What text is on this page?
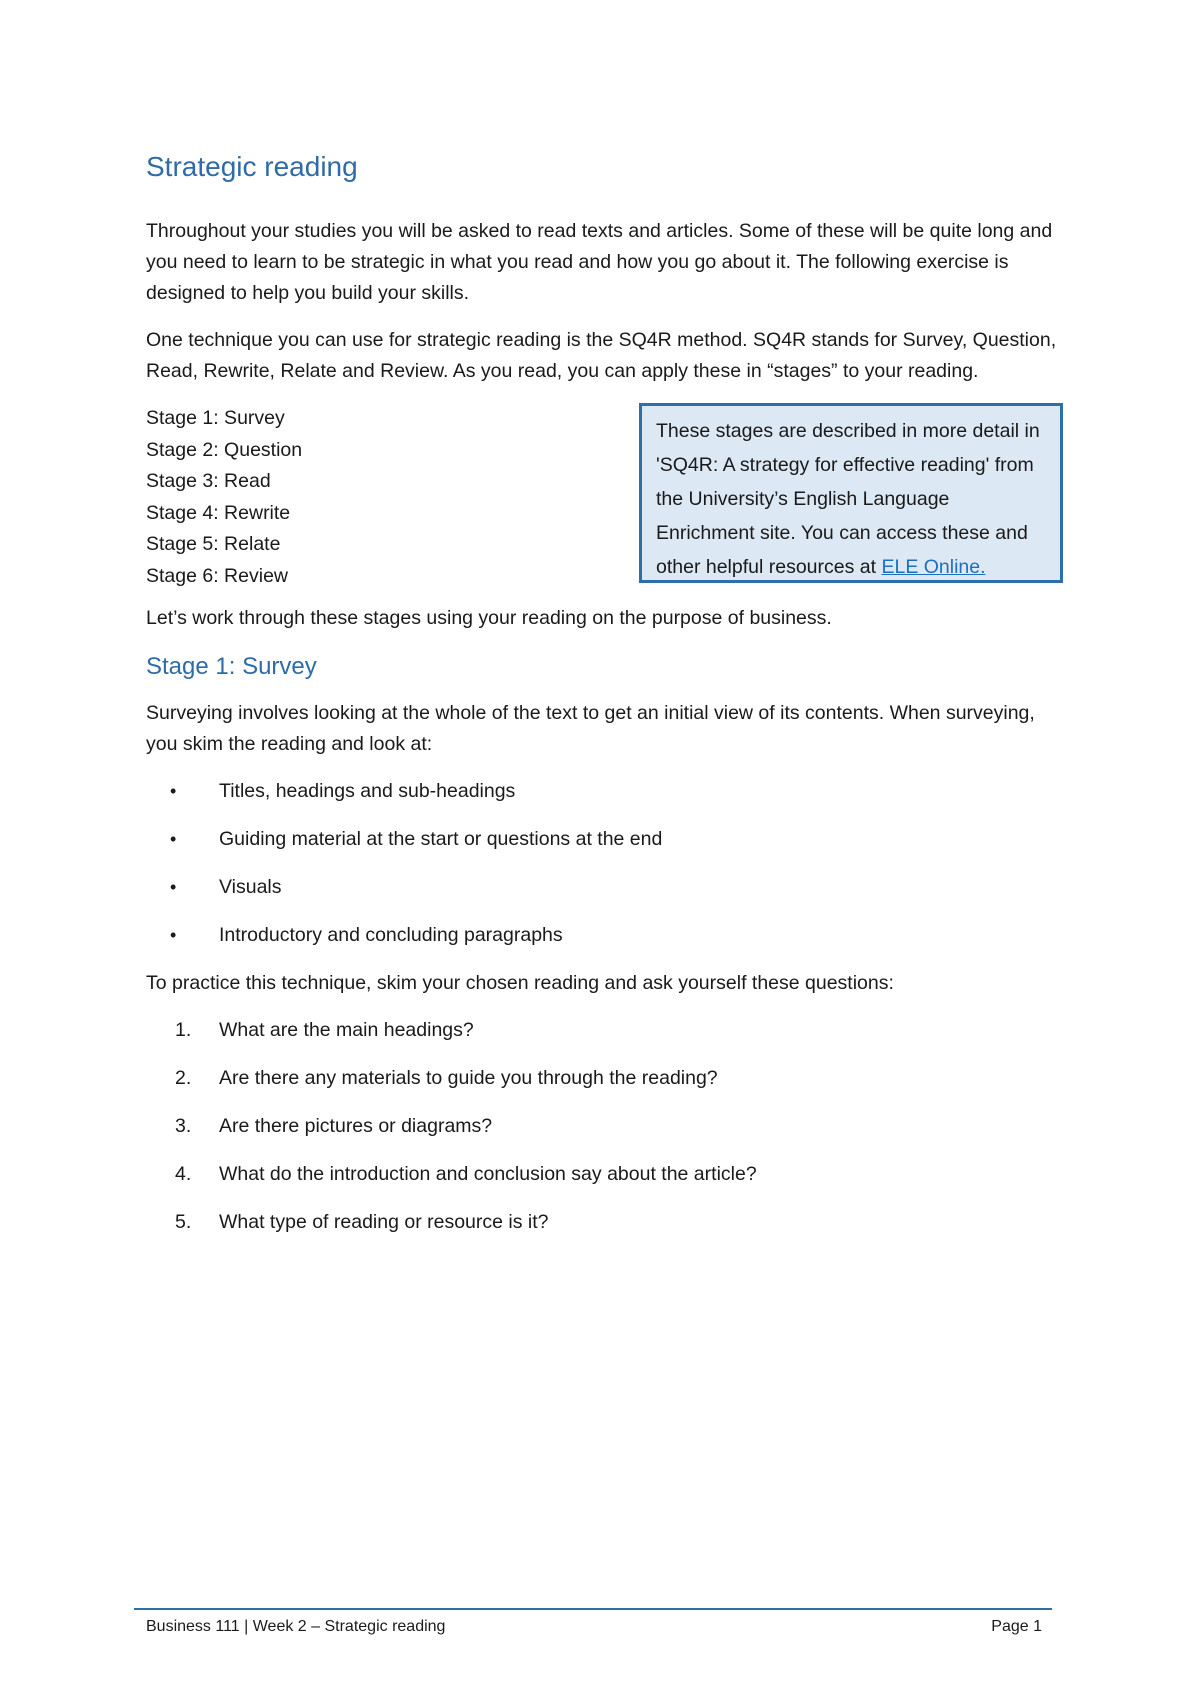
Strategic reading

Throughout your studies you will be asked to read texts and articles. Some of these will be quite long and you need to learn to be strategic in what you read and how you go about it. The following exercise is designed to help you build your skills.

One technique you can use for strategic reading is the SQ4R method. SQ4R stands for Survey, Question, Read, Rewrite, Relate and Review. As you read, you can apply these in “stages” to your reading.

Stage 1: Survey
Stage 2: Question
Stage 3: Read
Stage 4: Rewrite
Stage 5: Relate
Stage 6: Review
These stages are described in more detail in 'SQ4R: A strategy for effective reading' from the University’s English Language Enrichment site. You can access these and other helpful resources at ELE Online.

Let’s work through these stages using your reading on the purpose of business.

Stage 1: Survey

Surveying involves looking at the whole of the text to get an initial view of its contents. When surveying, you skim the reading and look at:

• Titles, headings and sub-headings
• Guiding material at the start or questions at the end
• Visuals
• Introductory and concluding paragraphs

To practice this technique, skim your chosen reading and ask yourself these questions:

1. What are the main headings?
2. Are there any materials to guide you through the reading?
3. Are there pictures or diagrams?
4. What do the introduction and conclusion say about the article?
5. What type of reading or resource is it?
Business 111 | Week 2 – Strategic reading	Page 1
